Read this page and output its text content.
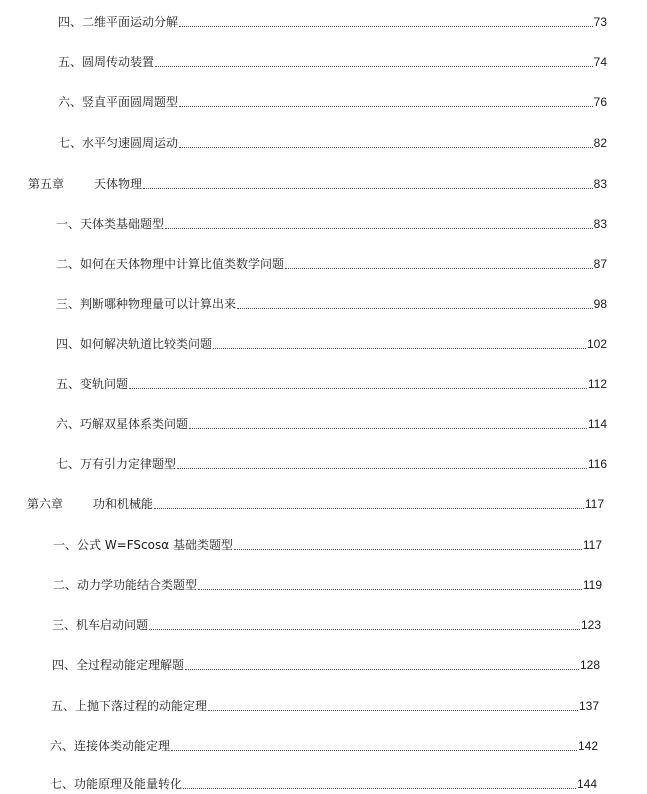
四、二维平面运动分解	73
五、圆周传动装置	74
六、竖直平面圆周题型	76
七、水平匀速圆周运动	82
第五章	天体物理	83
一、天体类基础题型	83
二、如何在天体物理中计算比值类数学问题	87
三、判断哪种物理量可以计算出来	98
四、如何解决轨道比较类问题	102
五、变轨问题	112
六、巧解双星体系类问题	114
七、万有引力定律题型	116
第六章	功和机械能	117
一、公式 W=FScosα 基础类题型	117
二、动力学功能结合类题型	119
三、机车启动问题	123
四、全过程动能定理解题	128
五、上抛下落过程的动能定理	137
六、连接体类动能定理	142
七、功能原理及能量转化	144
